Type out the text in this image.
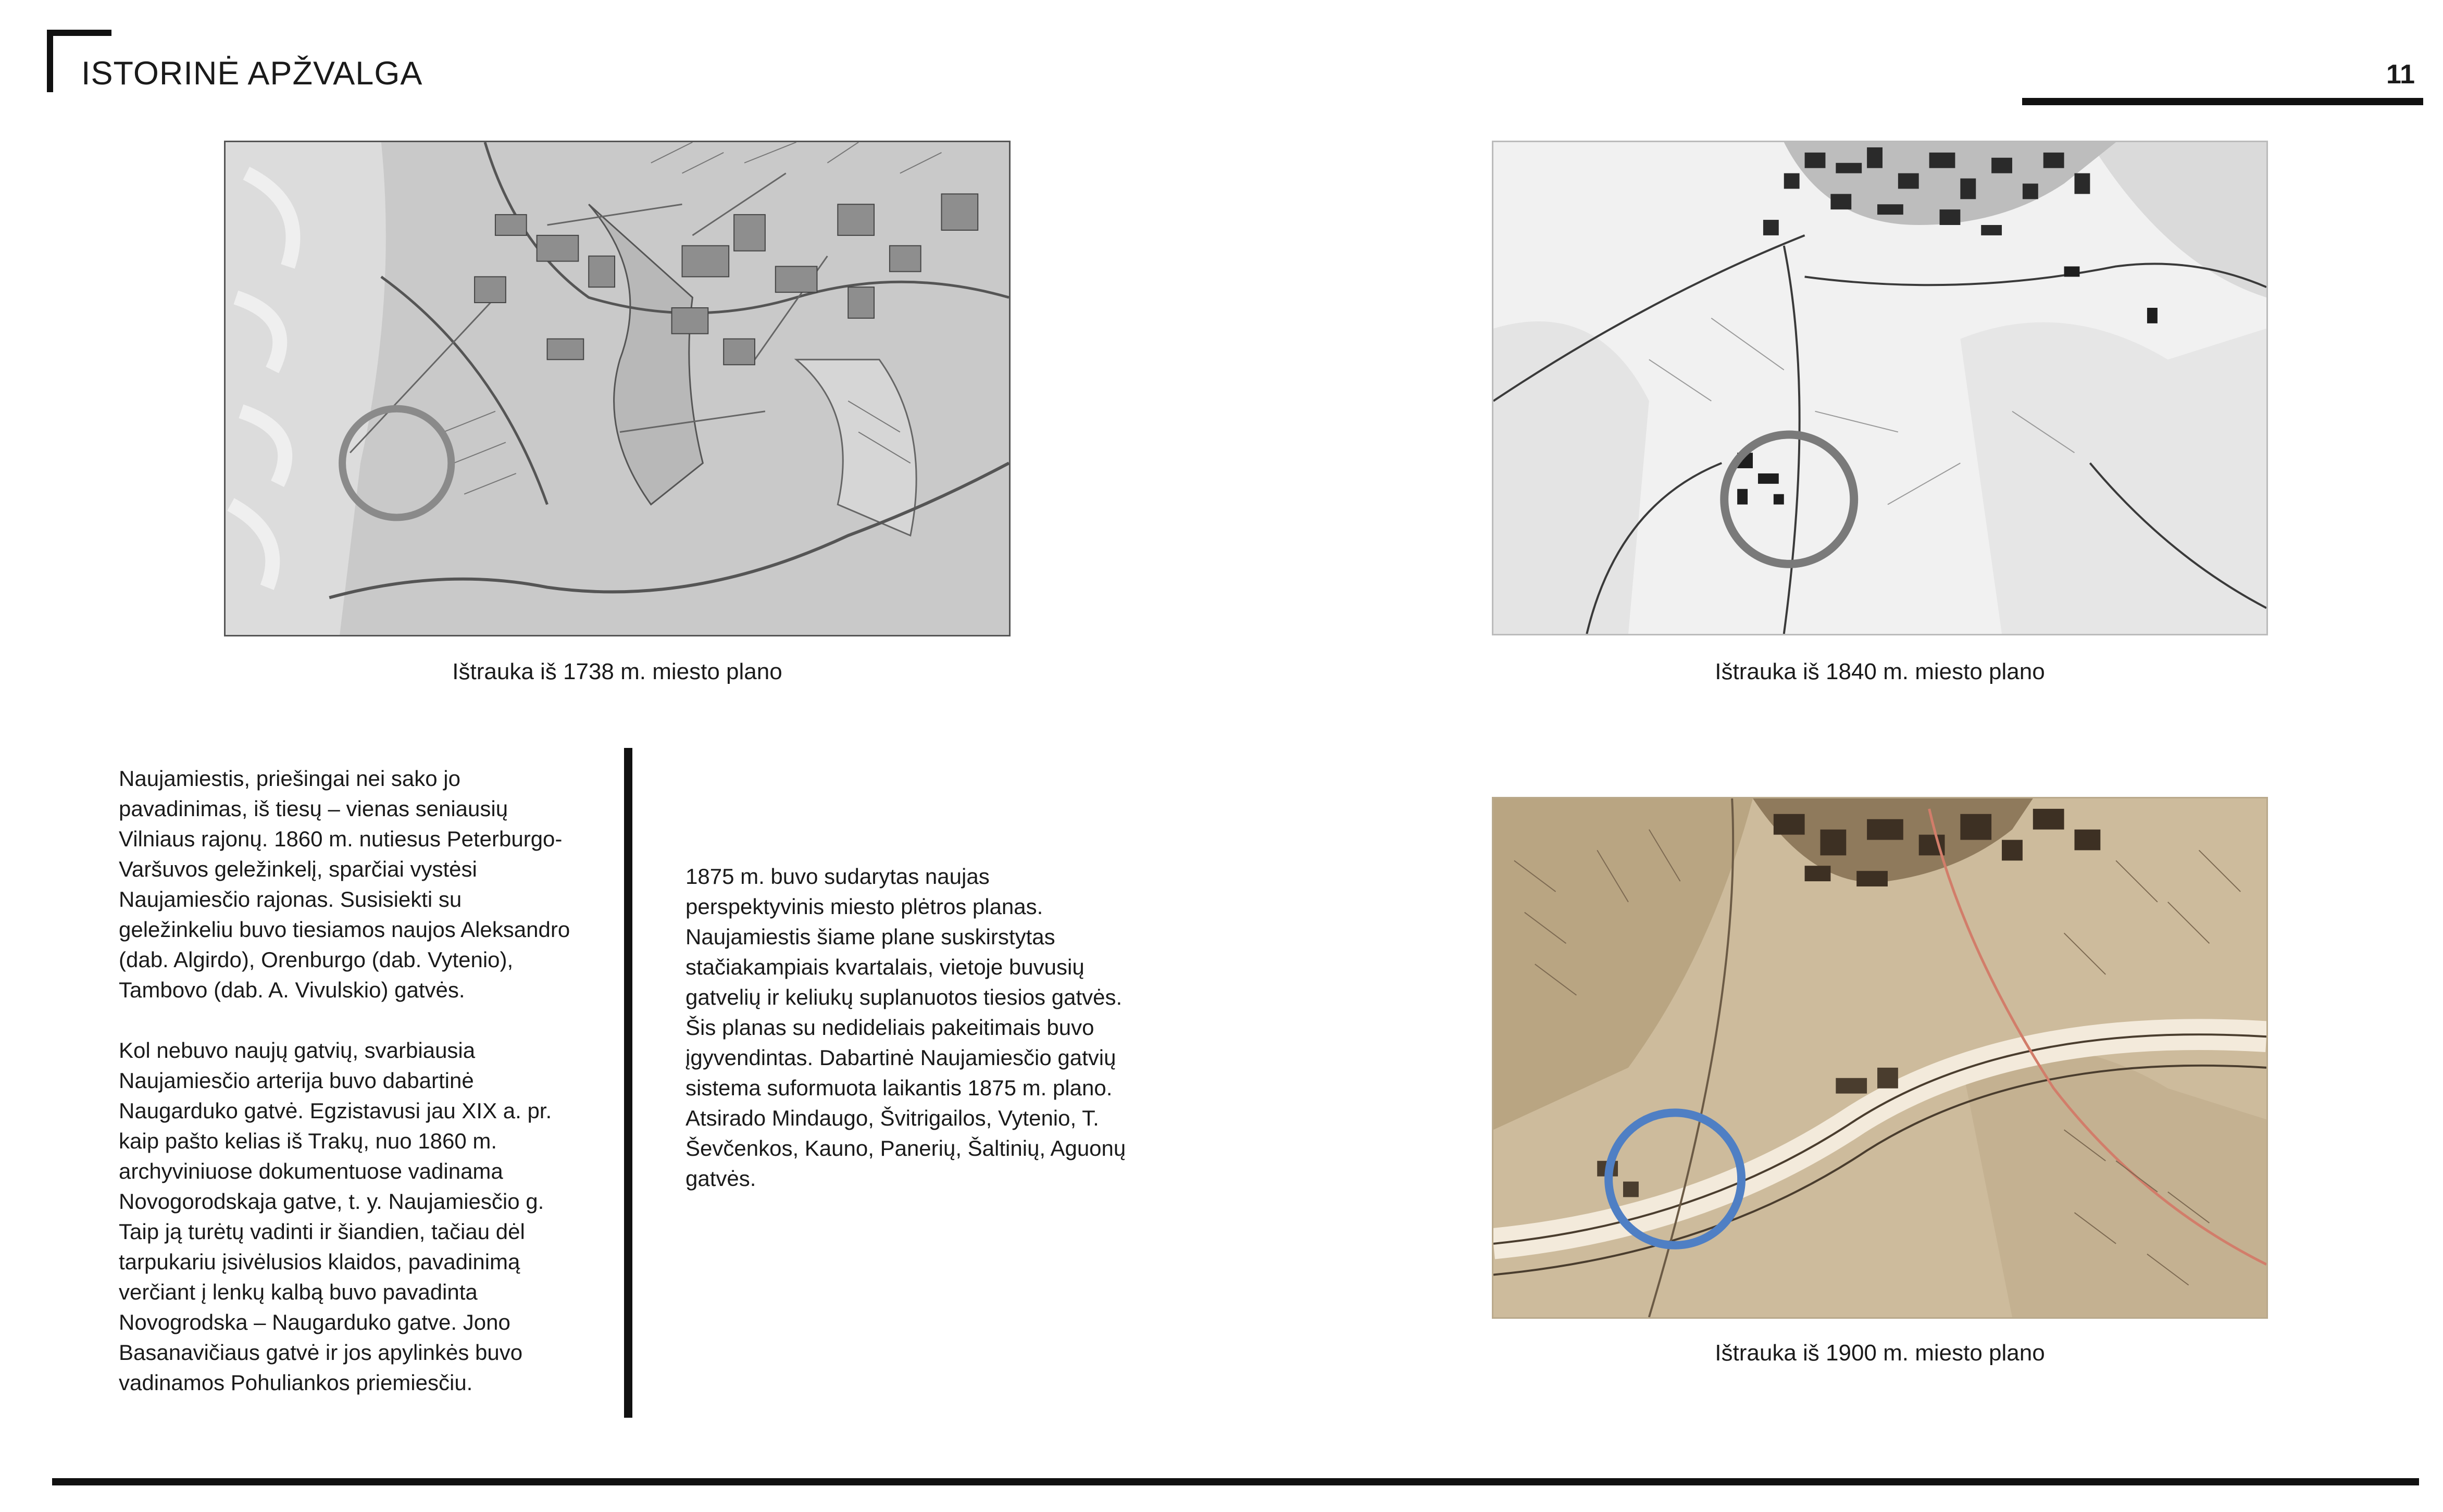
ISTORINĖ APŽVALGA	11
Ištrauka iš 1738 m. miesto plano	Ištrauka iš 1840 m. miesto plano
Ištrauka iš 1900 m. miesto plano

Naujamiestis, priešingai nei sako jo pavadinimas, iš tiesų – vienas seniausių Vilniaus rajonų. 1860 m. nutiesus Peterburgo-Varšuvos geležinkelį, sparčiai vystėsi Naujamiesčio rajonas. Susisiekti su geležinkeliu buvo tiesiamos naujos Aleksandro (dab. Algirdo), Orenburgo (dab. Vytenio), Tambovo (dab. A. Vivulskio) gatvės.

Kol nebuvo naujų gatvių, svarbiausia Naujamiesčio arterija buvo dabartinė Naugarduko gatvė. Egzistavusi jau XIX a. pr. kaip pašto kelias iš Trakų, nuo 1860 m. archyviniuose dokumentuose vadinama Novogorodskaja gatve, t. y. Naujamiesčio g. Taip ją turėtų vadinti ir šiandien, tačiau dėl tarpukariu įsivėlusios klaidos, pavadinimą verčiant į lenkų kalbą buvo pavadinta Novogrodska – Naugarduko gatve. Jono Basanavičiaus gatvė ir jos apylinkės buvo vadinamos Pohuliankos priemiesčiu.

1875 m. buvo sudarytas naujas perspektyvinis miesto plėtros planas. Naujamiestis šiame plane suskirstytas stačiakampiais kvartalais, vietoje buvusių gatvelių ir keliukų suplanuotos tiesios gatvės. Šis planas su nedideliais pakeitimais buvo įgyvendintas. Dabartinė Naujamiesčio gatvių sistema suformuota laikantis 1875 m. plano. Atsirado Mindaugo, Švitrigailos, Vytenio, T. Ševčenkos, Kauno, Panerių, Šaltinių, Aguonų gatvės.
